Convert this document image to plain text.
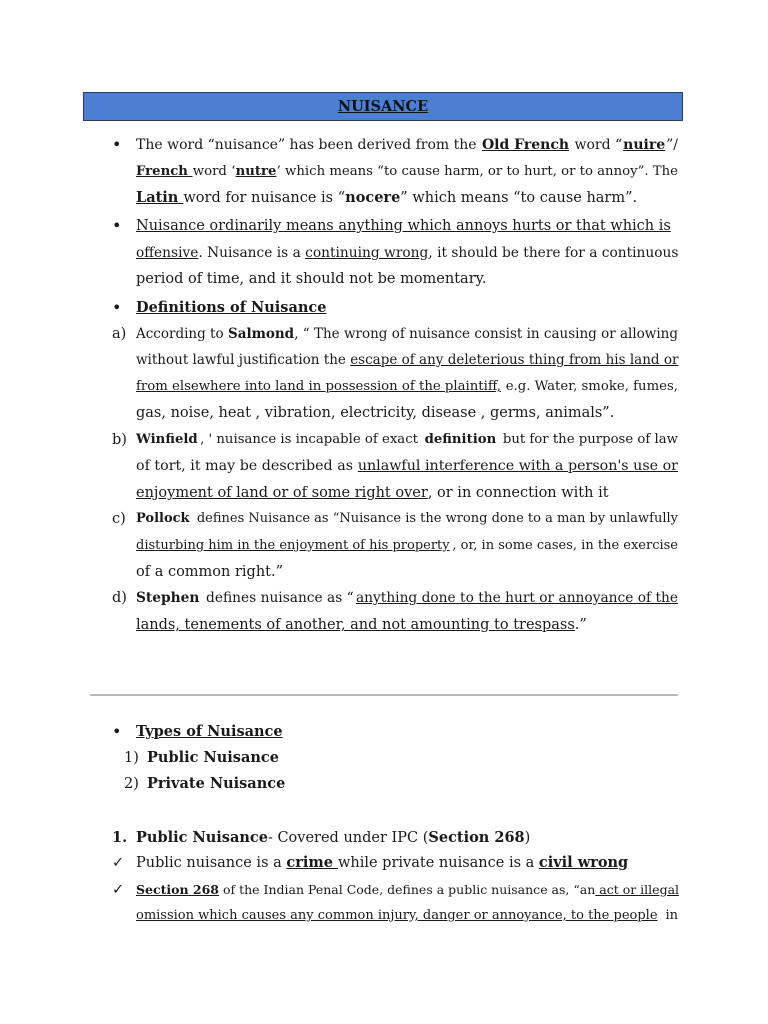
NUISANCE
•	The word “nuisance” has been derived from the Old French word “ nuire ”/
French word ‘ nutre ’ which means “to cause harm, or to hurt, or to annoy”. The
Latin word for nuisance is “ nocere ” which means “to cause harm”.
•	Nuisance ordinarily means anything which annoys hurts or that which is
offensive . Nuisance is a continuing wrong , it should be there for a continuous
period of time, and it should not be momentary.
•	Definitions of Nuisance
a) According to Salmond , “ The wrong of nuisance consist in causing or allowing
without lawful justification the escape of any deleterious thing from his land or
from elsewhere into land in possession of the plaintiff, e.g. Water, smoke, fumes,
gas, noise, heat , vibration, electricity, disease , germs, animals”.
b) Winfield , ' nuisance is incapable of exact definition but for the purpose of law
of tort, it may be described as unlawful interference with a person's use or
enjoyment of land or of some right over , or in connection with it
c) Pollock defines Nuisance as “Nuisance is the wrong done to a man by unlawfully
disturbing him in the enjoyment of his property , or, in some cases, in the exercise
of a common right.”
d) Stephen defines nuisance as “ anything done to the hurt or annoyance of the
lands, tenements of another, and not amounting to trespass .”
•	Types of Nuisance
1) Public Nuisance
2) Private Nuisance
1. Public Nuisance - Covered under IPC ( Section 268 )
✓ Public nuisance is a crime while private nuisance is a civil wrong
✓ Section 268 of the Indian Penal Code, defines a public nuisance as, “an act or illegal
omission which causes any common injury, danger or annoyance, to the people in
